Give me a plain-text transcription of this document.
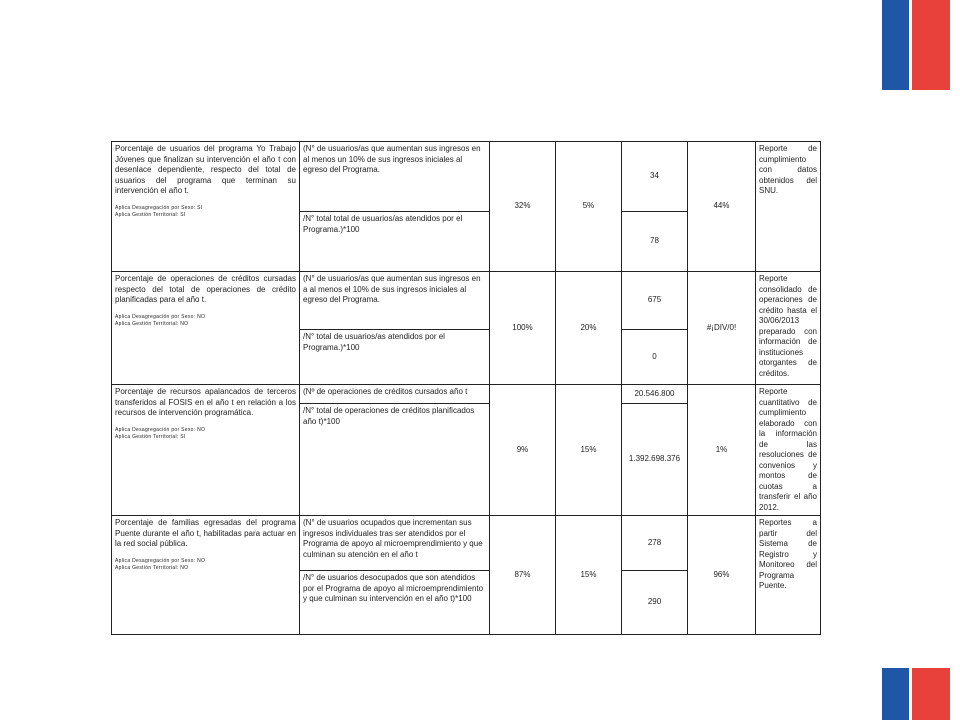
Porcentaje de usuarios del programa Yo Trabajo Jóvenes que finalizan su intervención el año t con desenlace dependiente, respecto del total de usuarios del programa que terminan su intervención el año t.
Aplica Desagregación por Sexo: SI
Aplica Gestión Territorial: SI	(N° de usuarios/as que aumentan sus ingresos en al menos un 10% de sus ingresos iniciales al egreso del Programa.	32%	5%	34	44%	Reporte de cumplimiento con datos obtenidos del SNU.
	/N° total total de usuarios/as atendidos por el Programa.)*100			78		

Porcentaje de operaciones de créditos cursadas respecto del total de operaciones de crédito planificadas para el año t.
Aplica Desagregación por Sexo: NO
Aplica Gestión Territorial: NO	(N° de usuarios/as que aumentan sus ingresos en a al menos el 10% de sus ingresos iniciales al egreso del Programa.	100%	20%	675	#¡DIV/0!	Reporte consolidado de operaciones de crédito hasta el 30/06/2013 preparado con información de instituciones otorgantes de créditos.
	/N° total de usuarios/as atendidos por el Programa.)*100			0		

Porcentaje de recursos apalancados de terceros transferidos al FOSIS en el año t en relación a los recursos de intervención programática.
Aplica Desagregación por Sexo: NO
Aplica Gestión Territorial: SI	(Nº de operaciones de créditos cursados año t	9%	15%	20.546.800	1%	Reporte cuantitativo de cumplimiento elaborado con la información de las resoluciones de convenios y montos de cuotas a transferir el año 2012.
	/N° total de operaciones de créditos planificados año t)*100			1.392.698.376		

Porcentaje de familias egresadas del programa Puente durante el año t, habilitadas para actuar en la red social pública.
Aplica Desagregación por Sexo: NO
Aplica Gestión Territorial: NO	(N° de usuarios ocupados que incrementan sus ingresos individuales tras ser atendidos por el Programa de apoyo al microemprendimiento y que culminan su atención en el año t	87%	15%	278	96%	Reportes a partir del Sistema de Registro y Monitoreo del Programa Puente.
	/N° de usuarios desocupados que son atendidos por el Programa de apoyo al microemprendimiento y que culminan su intervención en el año t)*100			290		
